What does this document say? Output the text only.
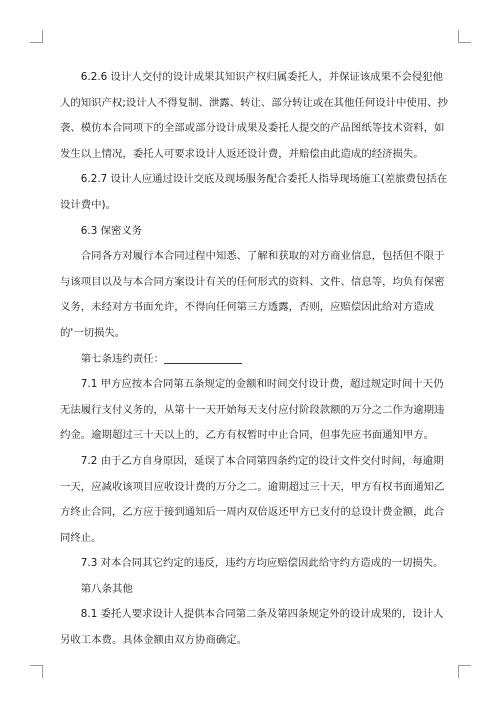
6.2.6 设计人交付的设计成果其知识产权归属委托人，并保证该成果不会侵犯他人的知识产权;设计人不得复制、泄露、转让、部分转让或在其他任何设计中使用、抄袭、模仿本合同项下的全部或部分设计成果及委托人提交的产品图纸等技术资料，如发生以上情况，委托人可要求设计人返还设计费，并赔偿由此造成的经济损失。

6.2.7 设计人应通过设计交底及现场服务配合委托人指导现场施工(差旅费包括在设计费中)。

6.3 保密义务

合同各方对履行本合同过程中知悉、了解和获取的对方商业信息，包括但不限于与该项目以及与本合同方案设计有关的任何形式的资料、文件、信息等，均负有保密义务，未经对方书面允许，不得向任何第三方透露，否则，应赔偿因此给对方造成的'一切损失。

第七条违约责任：

7.1 甲方应按本合同第五条规定的金额和时间交付设计费，超过规定时间十天仍无法履行支付义务的，从第十一天开始每天支付应付阶段款额的万分之二作为逾期违约金。逾期超过三十天以上的，乙方有权暂时中止合同，但事先应书面通知甲方。

7.2 由于乙方自身原因，延误了本合同第四条约定的设计文件交付时间，每逾期一天，应减收该项目应收设计费的万分之二。逾期超过三十天，甲方有权书面通知乙方终止合同，乙方应于接到通知后一周内双倍返还甲方已支付的总设计费金额，此合同终止。

7.3 对本合同其它约定的违反，违约方均应赔偿因此给守约方造成的一切损失。

第八条其他

8.1 委托人要求设计人提供本合同第二条及第四条规定外的设计成果的，设计人另收工本费。具体金额由双方协商确定。
